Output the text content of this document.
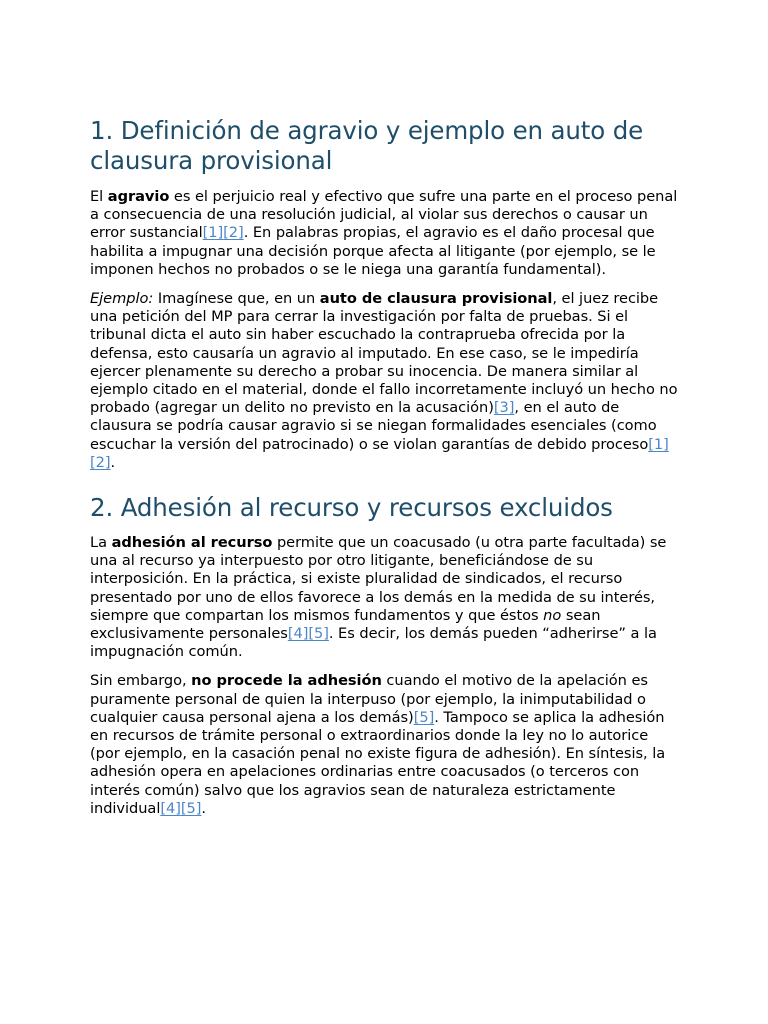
1. Definición de agravio y ejemplo en auto de clausura provisional

El agravio es el perjuicio real y efectivo que sufre una parte en el proceso penal a consecuencia de una resolución judicial, al violar sus derechos o causar un error sustancial[1][2]. En palabras propias, el agravio es el daño procesal que habilita a impugnar una decisión porque afecta al litigante (por ejemplo, se le imponen hechos no probados o se le niega una garantía fundamental).

Ejemplo: Imagínese que, en un auto de clausura provisional, el juez recibe una petición del MP para cerrar la investigación por falta de pruebas. Si el tribunal dicta el auto sin haber escuchado la contraprueba ofrecida por la defensa, esto causaría un agravio al imputado. En ese caso, se le impediría ejercer plenamente su derecho a probar su inocencia. De manera similar al ejemplo citado en el material, donde el fallo incorretamente incluyó un hecho no probado (agregar un delito no previsto en la acusación)[3], en el auto de clausura se podría causar agravio si se niegan formalidades esenciales (como escuchar la versión del patrocinado) o se violan garantías de debido proceso[1][2].

2. Adhesión al recurso y recursos excluidos

La adhesión al recurso permite que un coacusado (u otra parte facultada) se una al recurso ya interpuesto por otro litigante, beneficiándose de su interposición. En la práctica, si existe pluralidad de sindicados, el recurso presentado por uno de ellos favorece a los demás en la medida de su interés, siempre que compartan los mismos fundamentos y que éstos no sean exclusivamente personales[4][5]. Es decir, los demás pueden “adherirse” a la impugnación común.

Sin embargo, no procede la adhesión cuando el motivo de la apelación es puramente personal de quien la interpuso (por ejemplo, la inimputabilidad o cualquier causa personal ajena a los demás)[5]. Tampoco se aplica la adhesión en recursos de trámite personal o extraordinarios donde la ley no lo autorice (por ejemplo, en la casación penal no existe figura de adhesión). En síntesis, la adhesión opera en apelaciones ordinarias entre coacusados (o terceros con interés común) salvo que los agravios sean de naturaleza estrictamente individual[4][5].
